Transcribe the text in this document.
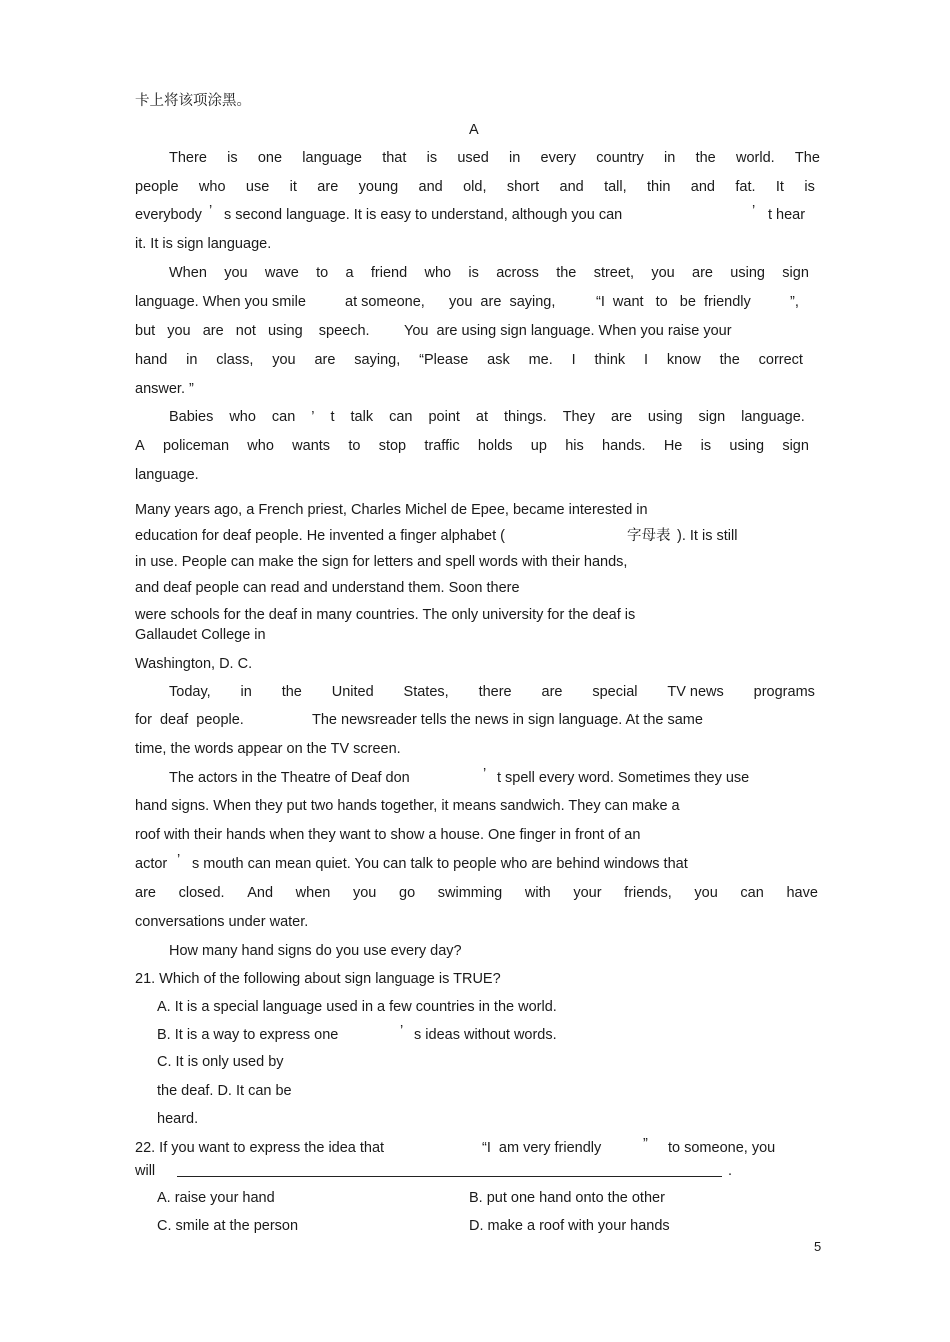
卡上将该项涂黑。
A
There is one language that is used in every country in the world. The
people who use it are young and old, short and tall, thin and fat. It is
everybody ’ s second language. It is easy to understand, although you can	’ t hear
it. It is sign language.
When you wave to a friend who is across the street, you are using sign
language. When you smile	at someone, you  are  saying,	“I  want   to   be  friendly	”,
but   you   are   not   using    speech. You  are using sign language. When you raise your
hand in class, you are saying, “Please ask me. I think I know the correct
answer. ”
Babies who can ’ t talk can point at things. They are using sign language.
A policeman who wants to stop traffic holds up his hands. He is using sign
language.
Many years ago, a French priest, Charles Michel de Epee, became interested in
education for deaf people. He invented a finger alphabet (	字母表 ). It is still
in use. People can make the sign for letters and spell words with their hands,
and deaf people can read and understand them. Soon there
were schools for the deaf in many countries. The only university for the deaf is
Gallaudet College in
Washington, D. C.
Today, in the United States, there are special TV news programs
for  deaf  people.	The newsreader tells the news in sign language. At the same
time, the words appear on the TV screen.
The actors in the Theatre of Deaf don	’ t spell every word. Sometimes they use
hand signs. When they put two hands together, it means sandwich. They can make a
roof with their hands when they want to show a house. One finger in front of an
actor ’ s mouth can mean quiet. You can talk to people who are behind windows that
are closed. And when you go swimming with your friends, you can have
conversations under water.
How many hand signs do you use every day?
21. Which of the following about sign language is TRUE?
A. It is a special language used in a few countries in the world.
B. It is a way to express one	’ s ideas without words.
C. It is only used by
the deaf. D. It can be
heard.
22. If you want to express the idea that	“I  am very friendly	” to someone, you
will	.
A. raise your hand	B. put one hand onto the other
C. smile at the person	D. make a roof with your hands
5
